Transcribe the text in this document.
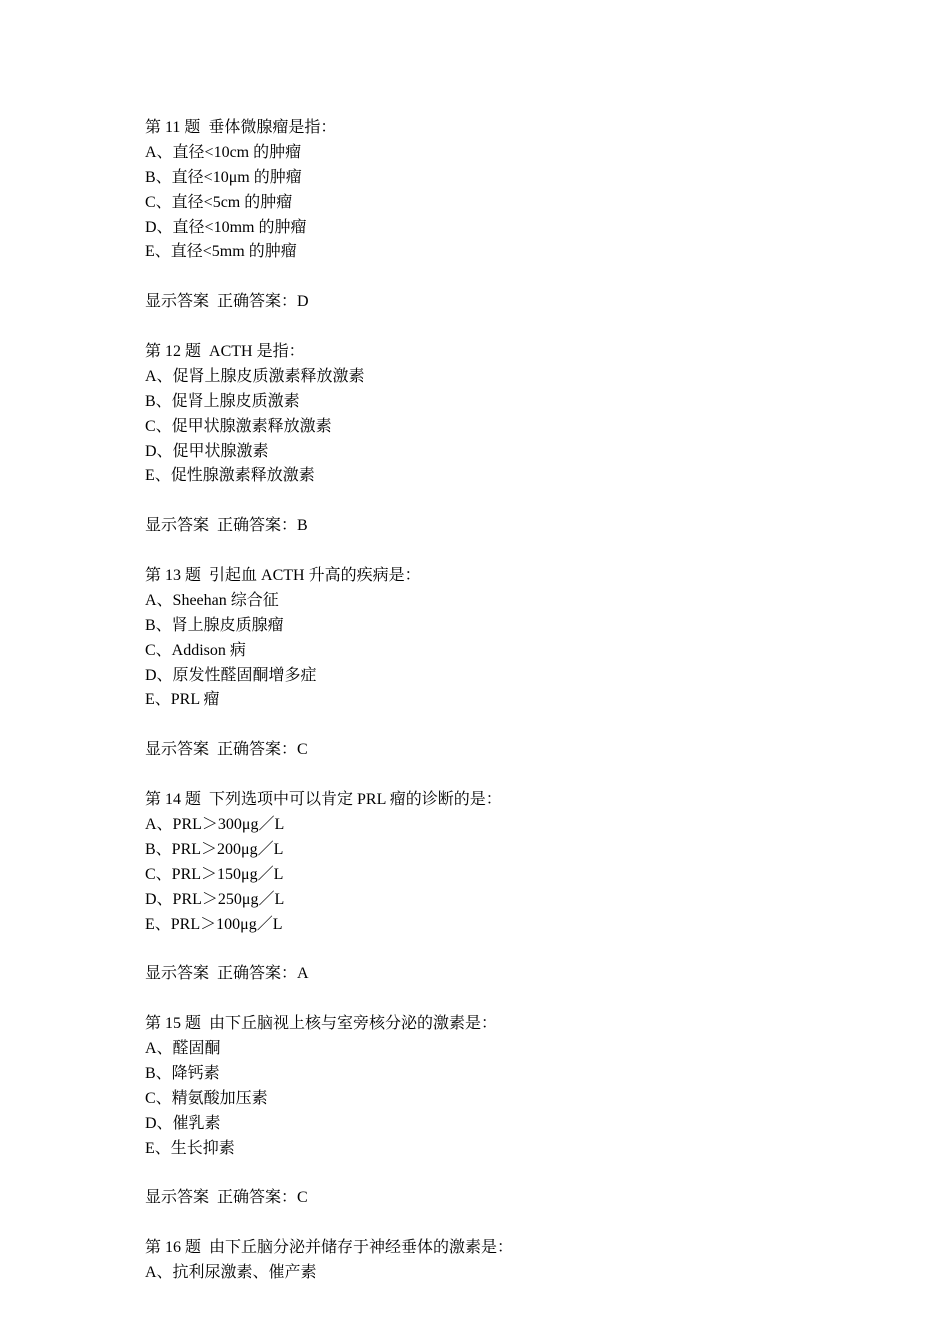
第 11 题 垂体微腺瘤是指：
A、直径<10cm 的肿瘤
B、直径<10μm 的肿瘤
C、直径<5cm 的肿瘤
D、直径<10mm 的肿瘤
E、直径<5mm 的肿瘤
显示答案 正确答案：D
第 12 题 ACTH 是指：
A、促肾上腺皮质激素释放激素
B、促肾上腺皮质激素
C、促甲状腺激素释放激素
D、促甲状腺激素
E、促性腺激素释放激素
显示答案 正确答案：B
第 13 题 引起血 ACTH 升高的疾病是：
A、Sheehan 综合征
B、肾上腺皮质腺瘤
C、Addison 病
D、原发性醛固酮增多症
E、PRL 瘤
显示答案 正确答案：C
第 14 题 下列选项中可以肯定 PRL 瘤的诊断的是：
A、PRL＞300μg／L
B、PRL＞200μg／L
C、PRL＞150μg／L
D、PRL＞250μg／L
E、PRL＞100μg／L
显示答案 正确答案：A
第 15 题 由下丘脑视上核与室旁核分泌的激素是：
A、醛固酮
B、降钙素
C、精氨酸加压素
D、催乳素
E、生长抑素
显示答案 正确答案：C
第 16 题 由下丘脑分泌并储存于神经垂体的激素是：
A、抗利尿激素、催产素
